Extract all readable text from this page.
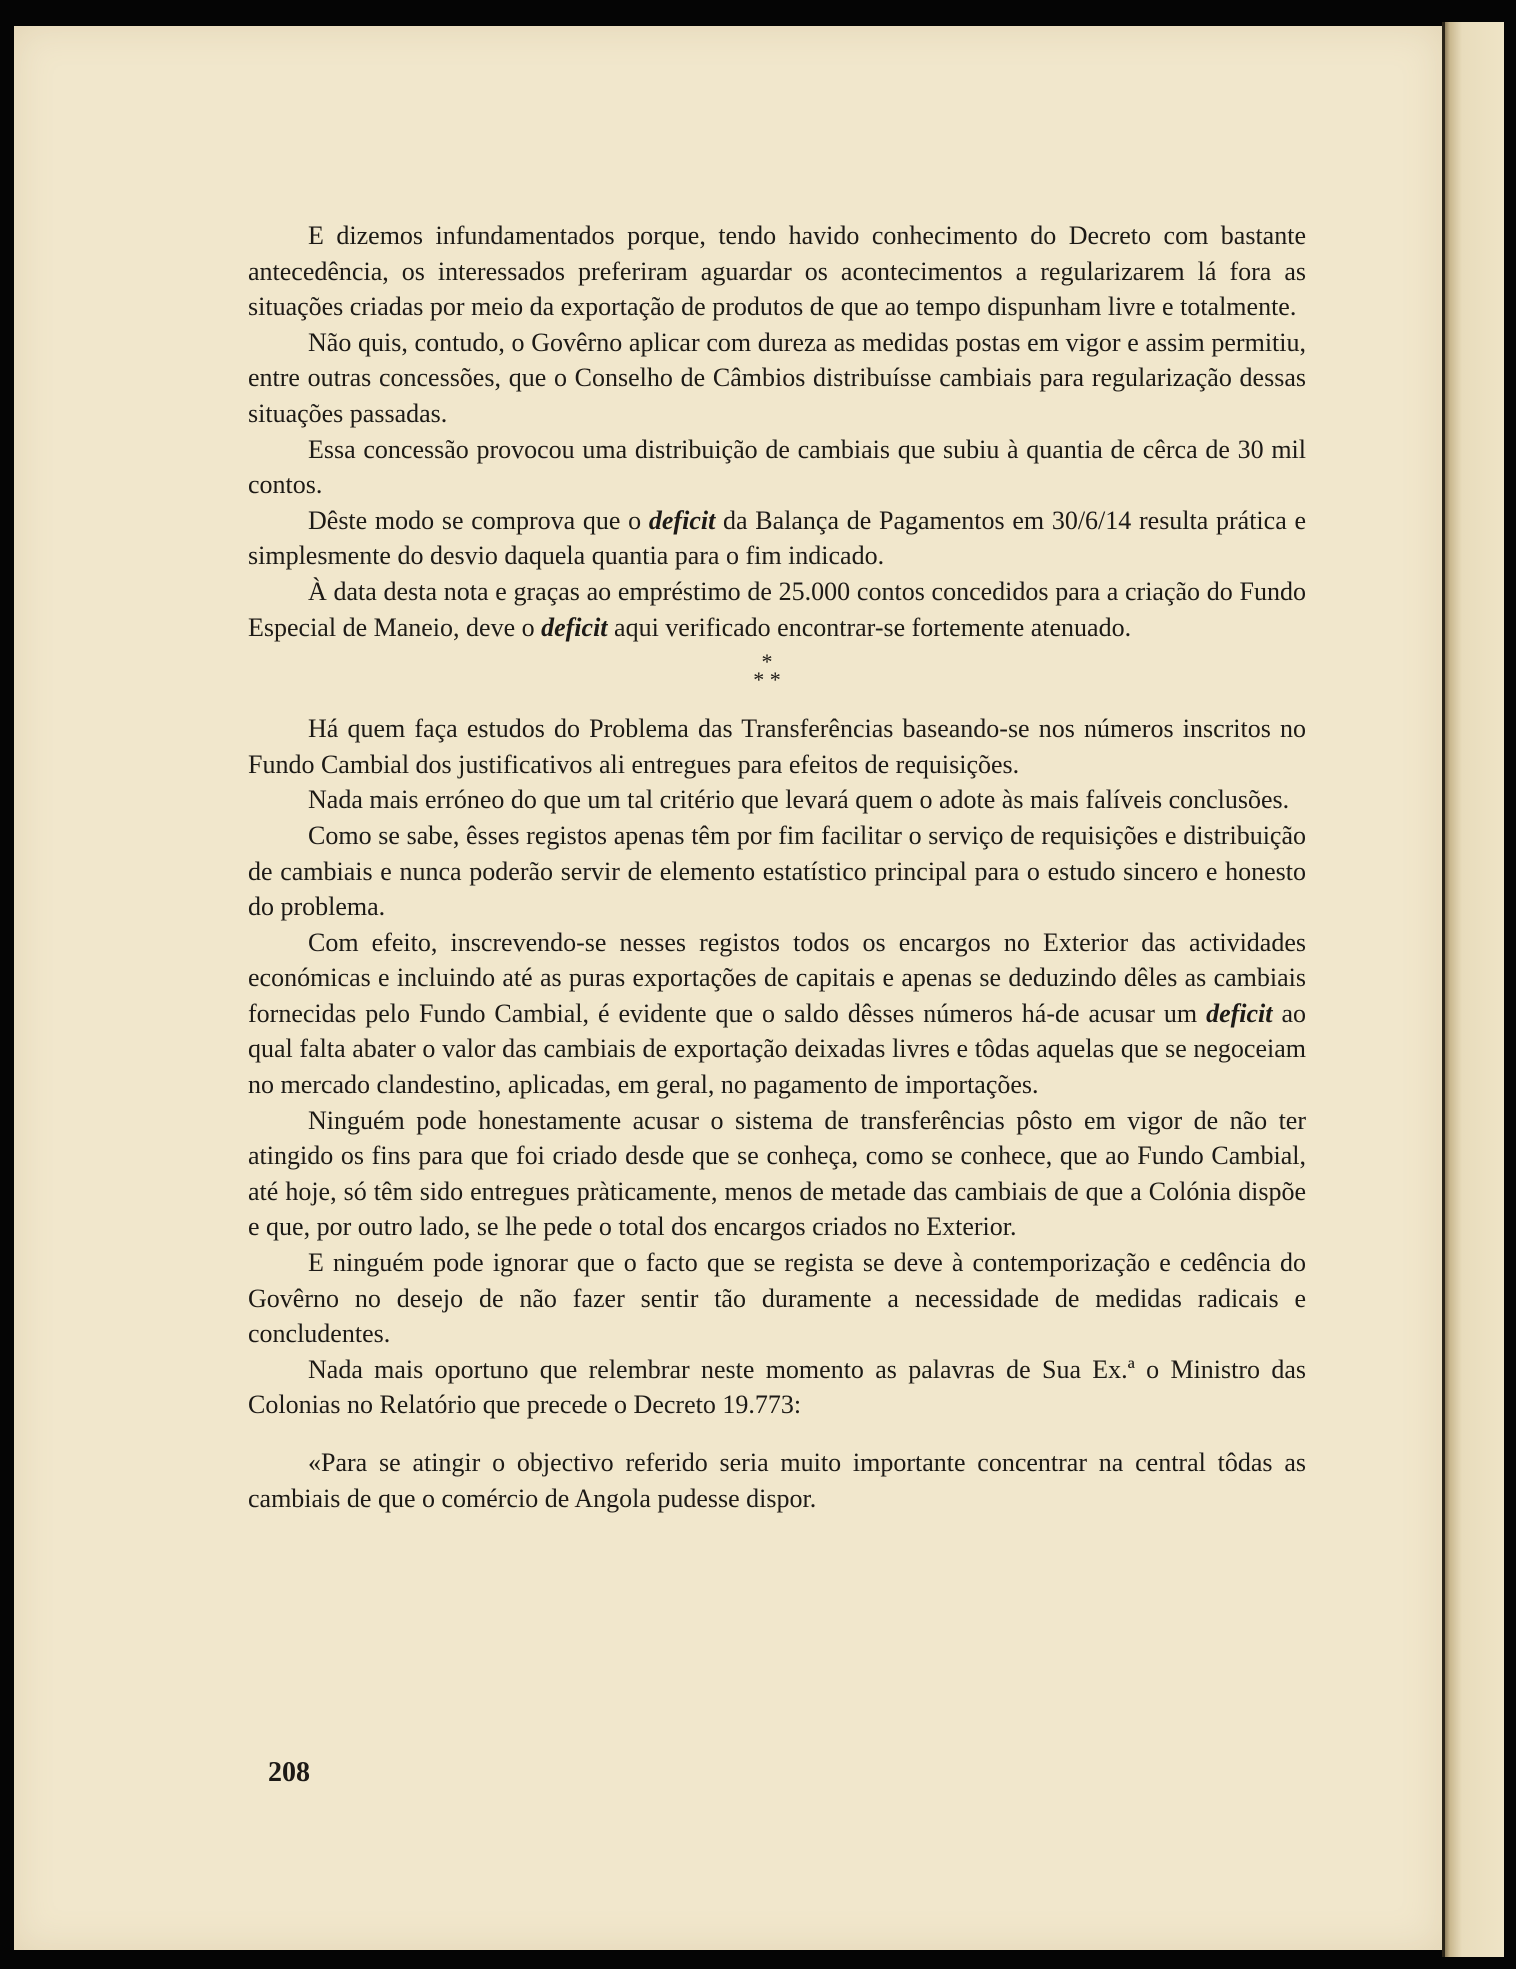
E dizemos infundamentados porque, tendo havido conhecimento do Decreto com bastante antecedência, os interessados preferiram aguardar os acontecimentos a regularizarem lá fora as situações criadas por meio da exportação de produtos de que ao tempo dispunham livre e totalmente.

Não quis, contudo, o Govêrno aplicar com dureza as medidas postas em vigor e assim permitiu, entre outras concessões, que o Conselho de Câmbios distribuísse cambiais para regularização dessas situações passadas.

Essa concessão provocou uma distribuição de cambiais que subiu à quantia de cêrca de 30 mil contos.

Dêste modo se comprova que o deficit da Balança de Pagamentos em 30/6/14 resulta prática e simplesmente do desvio daquela quantia para o fim indicado.

À data desta nota e graças ao empréstimo de 25.000 contos concedidos para a criação do Fundo Especial de Maneio, deve o deficit aqui verificado encontrar-se fortemente atenuado.

*
* *

Há quem faça estudos do Problema das Transferências baseando-se nos números inscritos no Fundo Cambial dos justificativos ali entregues para efeitos de requisições.

Nada mais erróneo do que um tal critério que levará quem o adote às mais falíveis conclusões.

Como se sabe, êsses registos apenas têm por fim facilitar o serviço de requisições e distribuição de cambiais e nunca poderão servir de elemento estatístico principal para o estudo sincero e honesto do problema.

Com efeito, inscrevendo-se nesses registos todos os encargos no Exterior das actividades económicas e incluindo até as puras exportações de capitais e apenas se deduzindo dêles as cambiais fornecidas pelo Fundo Cambial, é evidente que o saldo dêsses números há-de acusar um deficit ao qual falta abater o valor das cambiais de exportação deixadas livres e tôdas aquelas que se negoceiam no mercado clandestino, aplicadas, em geral, no pagamento de importações.

Ninguém pode honestamente acusar o sistema de transferências pôsto em vigor de não ter atingido os fins para que foi criado desde que se conheça, como se conhece, que ao Fundo Cambial, até hoje, só têm sido entregues pràticamente, menos de metade das cambiais de que a Colónia dispõe e que, por outro lado, se lhe pede o total dos encargos criados no Exterior.

E ninguém pode ignorar que o facto que se regista se deve à contemporização e cedência do Govêrno no desejo de não fazer sentir tão duramente a necessidade de medidas radicais e concludentes.

Nada mais oportuno que relembrar neste momento as palavras de Sua Ex.ª o Ministro das Colonias no Relatório que precede o Decreto 19.773:

«Para se atingir o objectivo referido seria muito importante concentrar na central tôdas as cambiais de que o comércio de Angola pudesse dispor.

208
